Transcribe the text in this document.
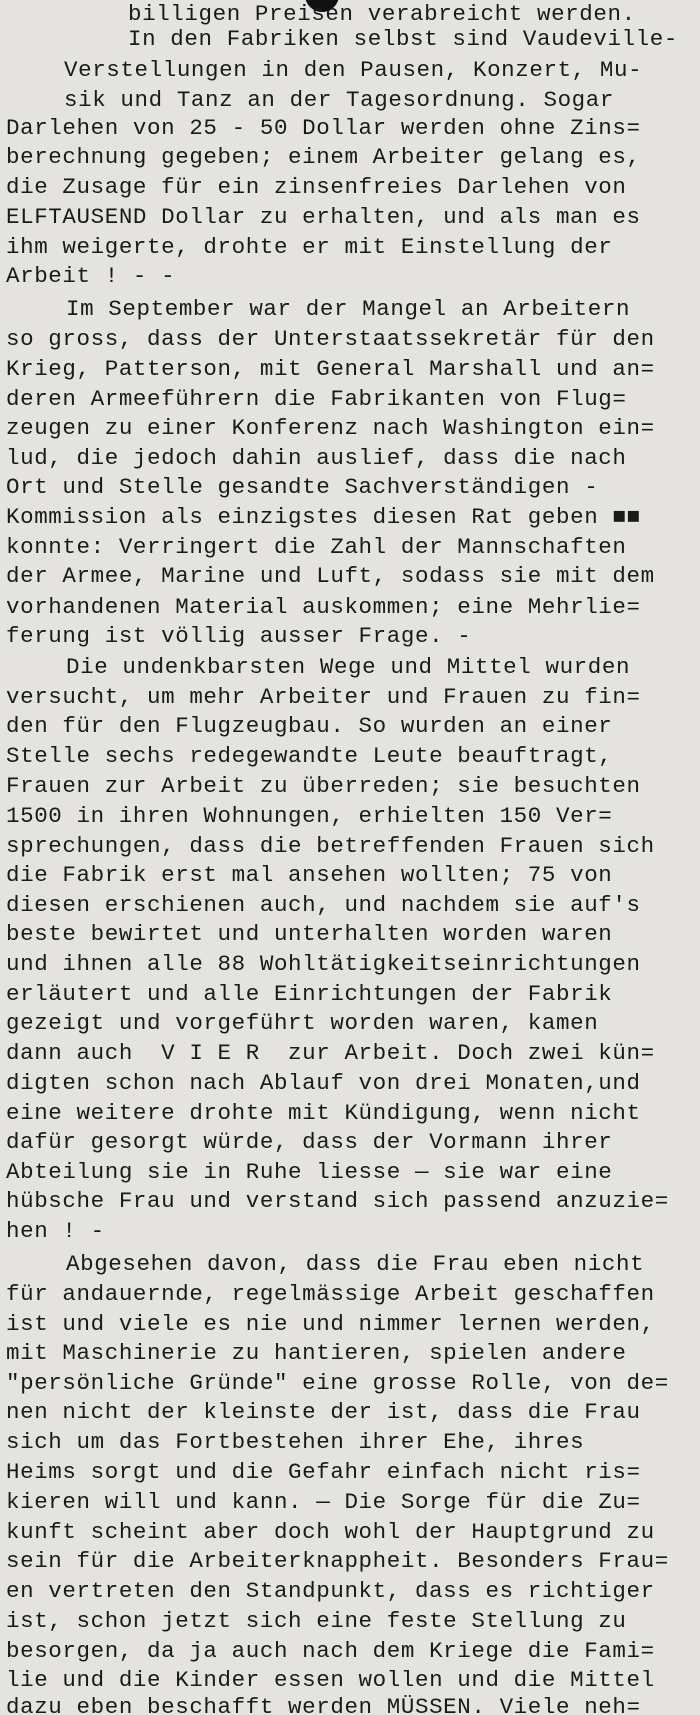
billigen Preisen verabreicht werden.
In den Fabriken selbst sind Vaudeville-
Verstellungen in den Pausen, Konzert, Mu-
sik und Tanz an der Tagesordnung. Sogar
Darlehen von 25 - 50 Dollar werden ohne Zins=
berechnung gegeben; einem Arbeiter gelang es,
die Zusage für ein zinsenfreies Darlehen von
ELFTAUSEND Dollar zu erhalten, und als man es
ihm weigerte, drohte er mit Einstellung der
Arbeit ! - -
Im September war der Mangel an Arbeitern
so gross, dass der Unterstaatssekretär für den
Krieg, Patterson, mit General Marshall und an=
deren Armeeführern die Fabrikanten von Flug=
zeugen zu einer Konferenz nach Washington ein=
lud, die jedoch dahin auslief, dass die nach
Ort und Stelle gesandte Sachverständigen -
Kommission als einzigstes diesen Rat geben ■■
konnte: Verringert die Zahl der Mannschaften
der Armee, Marine und Luft, sodass sie mit dem
vorhandenen Material auskommen; eine Mehrlie=
ferung ist völlig ausser Frage. -
Die undenkbarsten Wege und Mittel wurden
versucht, um mehr Arbeiter und Frauen zu fin=
den für den Flugzeugbau. So wurden an einer
Stelle sechs redegewandte Leute beauftragt,
Frauen zur Arbeit zu überreden; sie besuchten
1500 in ihren Wohnungen, erhielten 150 Ver=
sprechungen, dass die betreffenden Frauen sich
die Fabrik erst mal ansehen wollten; 75 von
diesen erschienen auch, und nachdem sie auf's
beste bewirtet und unterhalten worden waren
und ihnen alle 88 Wohltätigkeitseinrichtungen
erläutert und alle Einrichtungen der Fabrik
gezeigt und vorgeführt worden waren, kamen
dann auch  V I E R  zur Arbeit. Doch zwei kün=
digten schon nach Ablauf von drei Monaten,und
eine weitere drohte mit Kündigung, wenn nicht
dafür gesorgt würde, dass der Vormann ihrer
Abteilung sie in Ruhe liesse — sie war eine
hübsche Frau und verstand sich passend anzuzie=
hen ! -
Abgesehen davon, dass die Frau eben nicht
für andauernde, regelmässige Arbeit geschaffen
ist und viele es nie und nimmer lernen werden,
mit Maschinerie zu hantieren, spielen andere
"persönliche Gründe" eine grosse Rolle, von de=
nen nicht der kleinste der ist, dass die Frau
sich um das Fortbestehen ihrer Ehe, ihres
Heims sorgt und die Gefahr einfach nicht ris=
kieren will und kann. — Die Sorge für die Zu=
kunft scheint aber doch wohl der Hauptgrund zu
sein für die Arbeiterknappheit. Besonders Frau=
en vertreten den Standpunkt, dass es richtiger
ist, schon jetzt sich eine feste Stellung zu
besorgen, da ja auch nach dem Kriege die Fami=
lie und die Kinder essen wollen und die Mittel
dazu eben beschafft werden MÜSSEN. Viele neh=
